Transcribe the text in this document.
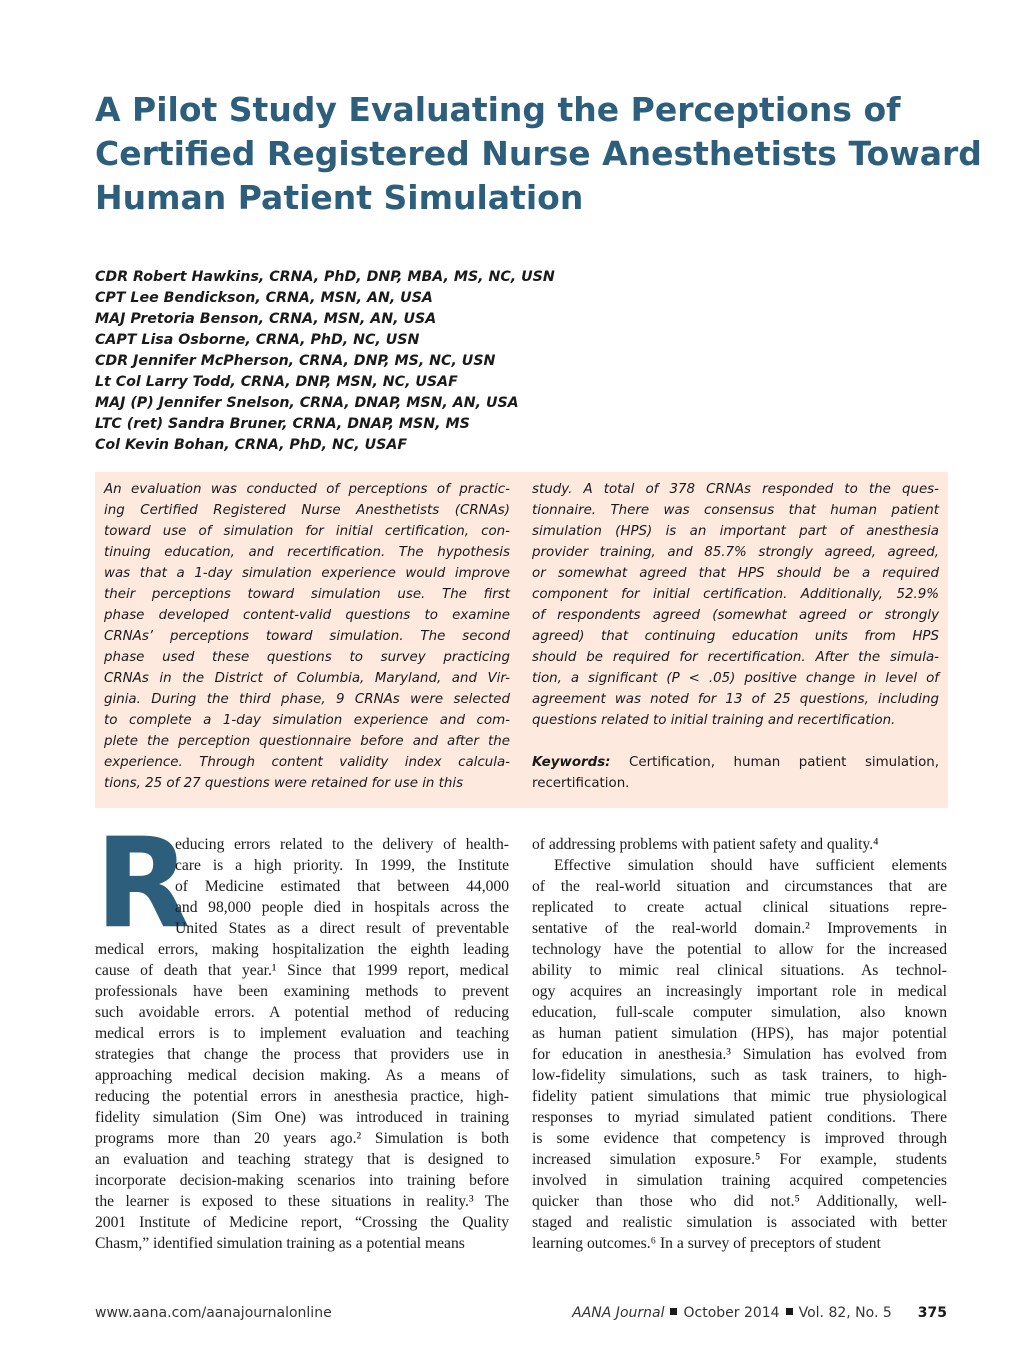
A Pilot Study Evaluating the Perceptions of
Certified Registered Nurse Anesthetists Toward
Human Patient Simulation
CDR Robert Hawkins, CRNA, PhD, DNP, MBA, MS, NC, USN
CPT Lee Bendickson, CRNA, MSN, AN, USA
MAJ Pretoria Benson, CRNA, MSN, AN, USA
CAPT Lisa Osborne, CRNA, PhD, NC, USN
CDR Jennifer McPherson, CRNA, DNP, MS, NC, USN
Lt Col Larry Todd, CRNA, DNP, MSN, NC, USAF
MAJ (P) Jennifer Snelson, CRNA, DNAP, MSN, AN, USA
LTC (ret) Sandra Bruner, CRNA, DNAP, MSN, MS
Col Kevin Bohan, CRNA, PhD, NC, USAF
An evaluation was conducted of perceptions of practic-
ing Certified Registered Nurse Anesthetists (CRNAs)
toward use of simulation for initial certification, con-
tinuing education, and recertification. The hypothesis
was that a 1-day simulation experience would improve
their perceptions toward simulation use. The first
phase developed content-valid questions to examine
CRNAs’ perceptions toward simulation. The second
phase used these questions to survey practicing
CRNAs in the District of Columbia, Maryland, and Vir-
ginia. During the third phase, 9 CRNAs were selected
to complete a 1-day simulation experience and com-
plete the perception questionnaire before and after the
experience. Through content validity index calcula-
tions, 25 of 27 questions were retained for use in this
study. A total of 378 CRNAs responded to the ques-
tionnaire. There was consensus that human patient
simulation (HPS) is an important part of anesthesia
provider training, and 85.7% strongly agreed, agreed,
or somewhat agreed that HPS should be a required
component for initial certification. Additionally, 52.9%
of respondents agreed (somewhat agreed or strongly
agreed) that continuing education units from HPS
should be required for recertification. After the simula-
tion, a significant (P < .05) positive change in level of
agreement was noted for 13 of 25 questions, including
questions related to initial training and recertification.
Keywords: Certification, human patient simulation,
recertification.
R
educing errors related to the delivery of health-
care is a high priority. In 1999, the Institute
of Medicine estimated that between 44,000
and 98,000 people died in hospitals across the
United States as a direct result of preventable
medical errors, making hospitalization the eighth leading
cause of death that year.¹ Since that 1999 report, medical
professionals have been examining methods to prevent
such avoidable errors. A potential method of reducing
medical errors is to implement evaluation and teaching
strategies that change the process that providers use in
approaching medical decision making. As a means of
reducing the potential errors in anesthesia practice, high-
fidelity simulation (Sim One) was introduced in training
programs more than 20 years ago.² Simulation is both
an evaluation and teaching strategy that is designed to
incorporate decision-making scenarios into training before
the learner is exposed to these situations in reality.³ The
2001 Institute of Medicine report, “Crossing the Quality
Chasm,” identified simulation training as a potential means
of addressing problems with patient safety and quality.⁴
Effective simulation should have sufficient elements
of the real-world situation and circumstances that are
replicated to create actual clinical situations repre-
sentative of the real-world domain.² Improvements in
technology have the potential to allow for the increased
ability to mimic real clinical situations. As technol-
ogy acquires an increasingly important role in medical
education, full-scale computer simulation, also known
as human patient simulation (HPS), has major potential
for education in anesthesia.³ Simulation has evolved from
low-fidelity simulations, such as task trainers, to high-
fidelity patient simulations that mimic true physiological
responses to myriad simulated patient conditions. There
is some evidence that competency is improved through
increased simulation exposure.⁵ For example, students
involved in simulation training acquired competencies
quicker than those who did not.⁵ Additionally, well-
staged and realistic simulation is associated with better
learning outcomes.⁶ In a survey of preceptors of student
www.aana.com/aanajournalonline	AANA Journal October 2014 Vol. 82, No. 5 375
